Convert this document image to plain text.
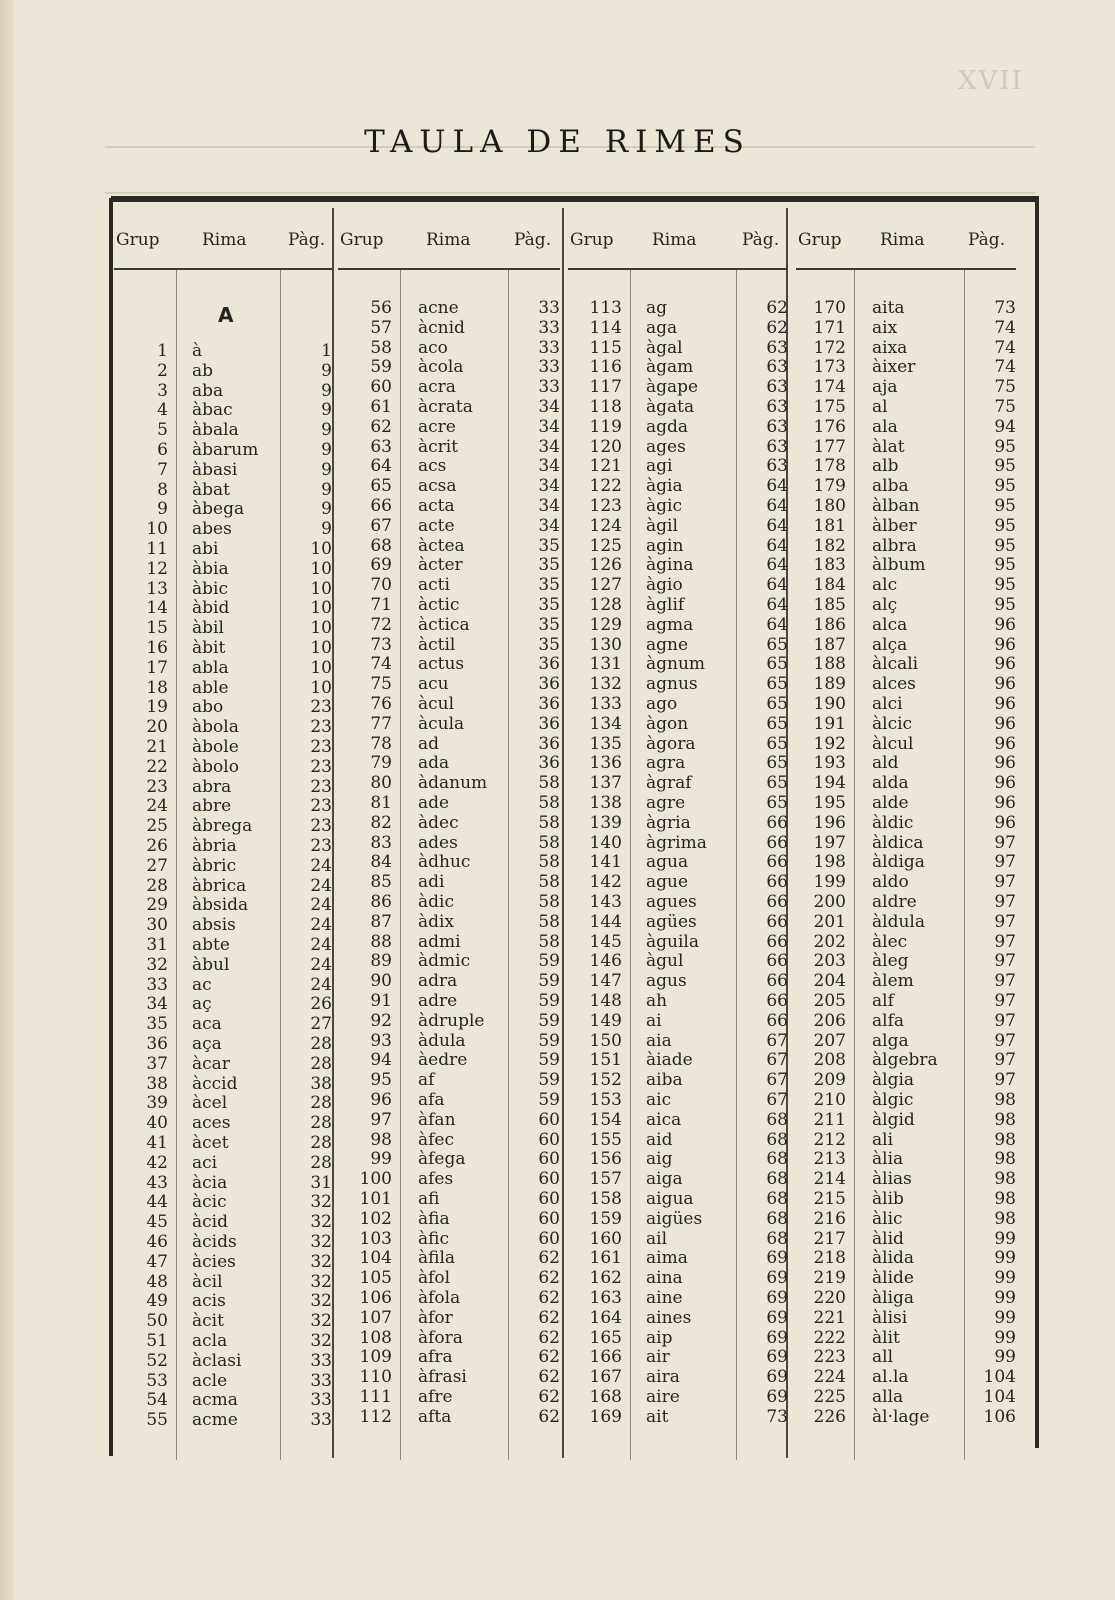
XVII
TAULA DE RIMES
Grup Rima Pàg. Grup Rima	Pàg. Grup Rima	Pàg. Grup Rima	Pàg.
1 à	1
2 ab	9
3 aba	9
4 àbac	9
5 àbala	9
6 àbarum	9
7 àbasi	9
8 àbat	9
9 àbega	9
10 abes	9
11 abi	10
12 àbia	10
13 àbic	10
14 àbid	10
15 àbil	10
16 àbit	10
17 abla	10
18 able	10
19 abo	23
20 àbola	23
21 àbole	23
22 àbolo	23
23 abra	23
24 abre	23
25 àbrega	23
26 àbria	23
27 àbric	24
28 àbrica	24
29 àbsida	24
30 absis	24
31 abte	24
32 àbul	24
33 ac	24
34 aç	26
35 aca	27
36 aça	28
37 àcar	28
38 àccid	38
39 àcel	28
40 aces	28
41 àcet	28
42 aci	28
43 àcia	31
44 àcic	32
45 àcid	32
46 àcids	32
47 àcies	32
48 àcil	32
49 acis	32
50 àcit	32
51 acla	32
52 àclasi	33
53 acle	33
54 acma	33
55 acme	33
56 acne	33
57 àcnid	33
58 aco	33
59 àcola	33
60 acra	33
61 àcrata	34
62 acre	34
63 àcrit	34
64 acs	34
65 acsa	34
66 acta	34
67 acte	34
68 àctea	35
69 àcter	35
70 acti	35
71 àctic	35
72 àctica	35
73 àctil	35
74 actus	36
75 acu	36
76 àcul	36
77 àcula	36
78 ad	36
79 ada	36
80 àdanum	58
81 ade	58
82 àdec	58
83 ades	58
84 àdhuc	58
85 adi	58
86 àdic	58
87 àdix	58
88 admi	58
89 àdmic	59
90 adra	59
91 adre	59
92 àdruple	59
93 àdula	59
94 àedre	59
95 af	59
96 afa	59
97 àfan	60
98 àfec	60
99 àfega	60
100 afes	60
101 afi	60
102 àfia	60
103 àfic	60
104 àfila	62
105 àfol	62
106 àfola	62
107 àfor	62
108 àfora	62
109 afra	62
110 àfrasi	62
111 afre	62
112 afta	62
113 ag	62
114 aga	62
115 àgal	63
116 àgam	63
117 àgape	63
118 àgata	63
119 agda	63
120 ages	63
121 agi	63
122 àgia	64
123 àgic	64
124 àgil	64
125 agin	64
126 àgina	64
127 àgio	64
128 àglif	64
129 agma	64
130 agne	65
131 àgnum	65
132 agnus	65
133 ago	65
134 àgon	65
135 àgora	65
136 agra	65
137 àgraf	65
138 agre	65
139 àgria	66
140 àgrima	66
141 agua	66
142 ague	66
143 agues	66
144 agües	66
145 àguila	66
146 àgul	66
147 agus	66
148 ah	66
149 ai	66
150 aia	67
151 àiade	67
152 aiba	67
153 aic	67
154 aica	68
155 aid	68
156 aig	68
157 aiga	68
158 aigua	68
159 aigües	68
160 ail	68
161 aima	69
162 aina	69
163 aine	69
164 aines	69
165 aip	69
166 air	69
167 aira	69
168 aire	69
169 ait	73
170 aita	73
171 aix	74
172 aixa	74
173 àixer	74
174 aja	75
175 al	75
176 ala	94
177 àlat	95
178 alb	95
179 alba	95
180 àlban	95
181 àlber	95
182 albra	95
183 àlbum	95
184 alc	95
185 alç	95
186 alca	96
187 alça	96
188 àlcali	96
189 alces	96
190 alci	96
191 àlcic	96
192 àlcul	96
193 ald	96
194 alda	96
195 alde	96
196 àldic	96
197 àldica	97
198 àldiga	97
199 aldo	97
200 aldre	97
201 àldula	97
202 àlec	97
203 àleg	97
204 àlem	97
205 alf	97
206 alfa	97
207 alga	97
208 àlgebra	97
209 àlgia	97
210 àlgic	98
211 àlgid	98
212 ali	98
213 àlia	98
214 àlias	98
215 àlib	98
216 àlic	98
217 àlid	99
218 àlida	99
219 àlide	99
220 àliga	99
221 àlisi	99
222 àlit	99
223 all	99
224 al.la	104
225 alla	104
226 àl·lage	106
A
